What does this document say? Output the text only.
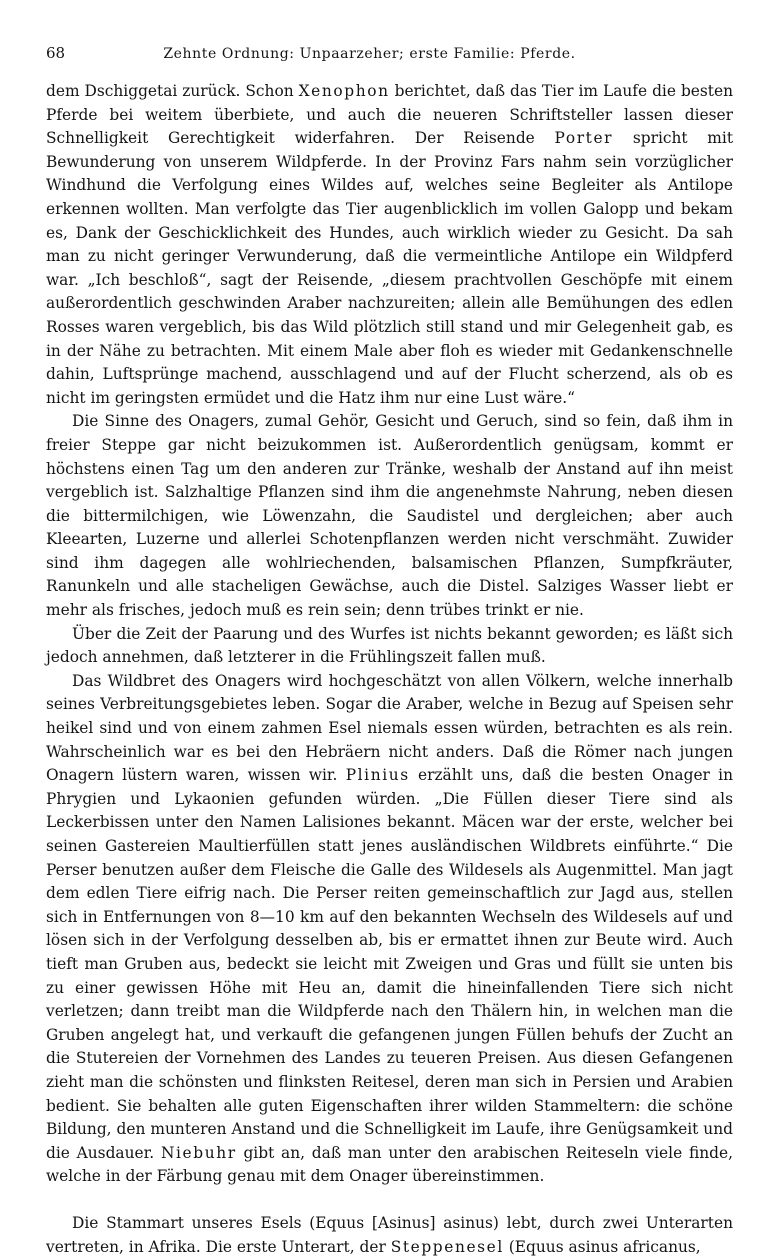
68	Zehnte Ordnung: Unpaarzeher; erste Familie: Pferde.

dem Dschiggetai zurück. Schon Xenophon berichtet, daß das Tier im Laufe die besten Pferde bei weitem überbiete, und auch die neueren Schriftsteller lassen dieser Schnelligkeit Gerechtigkeit widerfahren. Der Reisende Porter spricht mit Bewunderung von unserem Wildpferde. In der Provinz Fars nahm sein vorzüglicher Windhund die Verfolgung eines Wildes auf, welches seine Begleiter als Antilope erkennen wollten. Man verfolgte das Tier augenblicklich im vollen Galopp und bekam es, Dank der Geschicklichkeit des Hundes, auch wirklich wieder zu Gesicht. Da sah man zu nicht geringer Verwunderung, daß die vermeintliche Antilope ein Wildpferd war. „Ich beschloß“, sagt der Reisende, „diesem prachtvollen Geschöpfe mit einem außerordentlich geschwinden Araber nachzureiten; allein alle Bemühungen des edlen Rosses waren vergeblich, bis das Wild plötzlich still stand und mir Gelegenheit gab, es in der Nähe zu betrachten. Mit einem Male aber floh es wieder mit Gedankenschnelle dahin, Luftsprünge machend, ausschlagend und auf der Flucht scherzend, als ob es nicht im geringsten ermüdet und die Hatz ihm nur eine Lust wäre.“

Die Sinne des Onagers, zumal Gehör, Gesicht und Geruch, sind so fein, daß ihm in freier Steppe gar nicht beizukommen ist. Außerordentlich genügsam, kommt er höchstens einen Tag um den anderen zur Tränke, weshalb der Anstand auf ihn meist vergeblich ist. Salzhaltige Pflanzen sind ihm die angenehmste Nahrung, neben diesen die bittermilchigen, wie Löwenzahn, die Saudistel und dergleichen; aber auch Kleearten, Luzerne und allerlei Schotenpflanzen werden nicht verschmäht. Zuwider sind ihm dagegen alle wohlriechenden, balsamischen Pflanzen, Sumpfkräuter, Ranunkeln und alle stacheligen Gewächse, auch die Distel. Salziges Wasser liebt er mehr als frisches, jedoch muß es rein sein; denn trübes trinkt er nie.

Über die Zeit der Paarung und des Wurfes ist nichts bekannt geworden; es läßt sich jedoch annehmen, daß letzterer in die Frühlingszeit fallen muß.

Das Wildbret des Onagers wird hochgeschätzt von allen Völkern, welche innerhalb seines Verbreitungsgebietes leben. Sogar die Araber, welche in Bezug auf Speisen sehr heikel sind und von einem zahmen Esel niemals essen würden, betrachten es als rein. Wahrscheinlich war es bei den Hebräern nicht anders. Daß die Römer nach jungen Onagern lüstern waren, wissen wir. Plinius erzählt uns, daß die besten Onager in Phrygien und Lykaonien gefunden würden. „Die Füllen dieser Tiere sind als Leckerbissen unter den Namen Lalisiones bekannt. Mäcen war der erste, welcher bei seinen Gastereien Maultierfüllen statt jenes ausländischen Wildbrets einführte.“ Die Perser benutzen außer dem Fleische die Galle des Wildesels als Augenmittel. Man jagt dem edlen Tiere eifrig nach. Die Perser reiten gemeinschaftlich zur Jagd aus, stellen sich in Entfernungen von 8—10 km auf den bekannten Wechseln des Wildesels auf und lösen sich in der Verfolgung desselben ab, bis er ermattet ihnen zur Beute wird. Auch tieft man Gruben aus, bedeckt sie leicht mit Zweigen und Gras und füllt sie unten bis zu einer gewissen Höhe mit Heu an, damit die hineinfallenden Tiere sich nicht verletzen; dann treibt man die Wildpferde nach den Thälern hin, in welchen man die Gruben angelegt hat, und verkauft die gefangenen jungen Füllen behufs der Zucht an die Stutereien der Vornehmen des Landes zu teueren Preisen. Aus diesen Gefangenen zieht man die schönsten und flinksten Reitesel, deren man sich in Persien und Arabien bedient. Sie behalten alle guten Eigenschaften ihrer wilden Stammeltern: die schöne Bildung, den munteren Anstand und die Schnelligkeit im Laufe, ihre Genügsamkeit und die Ausdauer. Niebuhr gibt an, daß man unter den arabischen Reiteseln viele finde, welche in der Färbung genau mit dem Onager übereinstimmen.

Die Stammart unseres Esels (Equus [Asinus] asinus) lebt, durch zwei Unterarten vertreten, in Afrika. Die erste Unterart, der Steppenesel (Equus asinus africanus,
